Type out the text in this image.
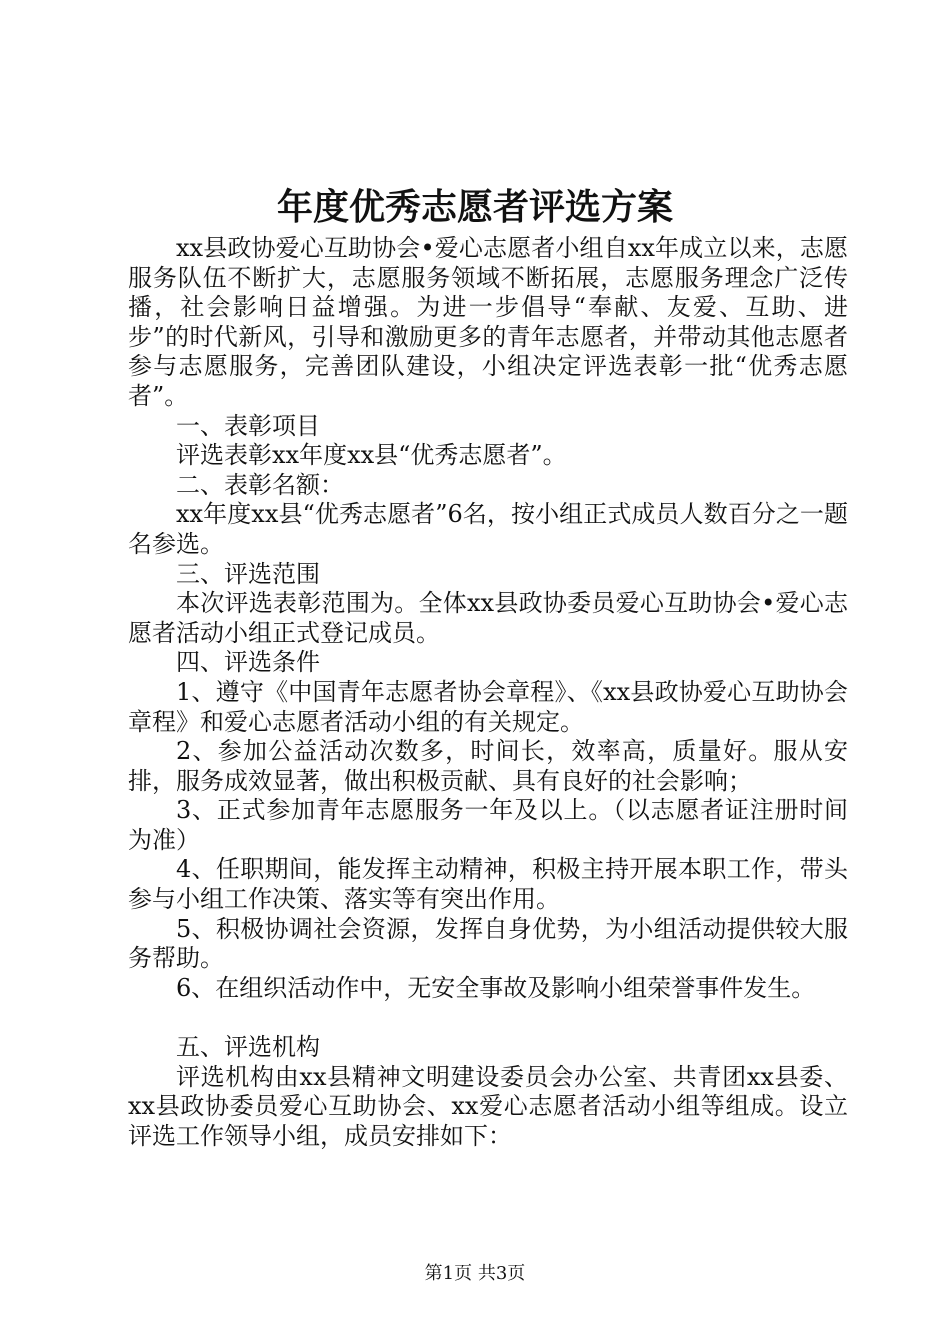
年度优秀志愿者评选方案

xx县政协爱心互助协会•爱心志愿者小组自xx年成立以来，志愿服务队伍不断扩大，志愿服务领域不断拓展，志愿服务理念广泛传播，社会影响日益增强。为进一步倡导“奉献、友爱、互助、进步”的时代新风，引导和激励更多的青年志愿者，并带动其他志愿者参与志愿服务，完善团队建设，小组决定评选表彰一批“优秀志愿者”。

一、表彰项目

评选表彰xx年度xx县“优秀志愿者”。

二、表彰名额：

xx年度xx县“优秀志愿者”6名，按小组正式成员人数百分之一题名参选。

三、评选范围

本次评选表彰范围为。全体xx县政协委员爱心互助协会•爱心志愿者活动小组正式登记成员。

四、评选条件

1、遵守《中国青年志愿者协会章程》、《xx县政协爱心互助协会章程》和爱心志愿者活动小组的有关规定。

2、参加公益活动次数多，时间长，效率高，质量好。服从安排，服务成效显著，做出积极贡献、具有良好的社会影响；

3、正式参加青年志愿服务一年及以上。（以志愿者证注册时间为准）

4、任职期间，能发挥主动精神，积极主持开展本职工作，带头参与小组工作决策、落实等有突出作用。

5、积极协调社会资源，发挥自身优势，为小组活动提供较大服务帮助。

6、在组织活动作中，无安全事故及影响小组荣誉事件发生。

五、评选机构

评选机构由xx县精神文明建设委员会办公室、共青团xx县委、xx县政协委员爱心互助协会、xx爱心志愿者活动小组等组成。设立评选工作领导小组，成员安排如下：

第1页 共3页
